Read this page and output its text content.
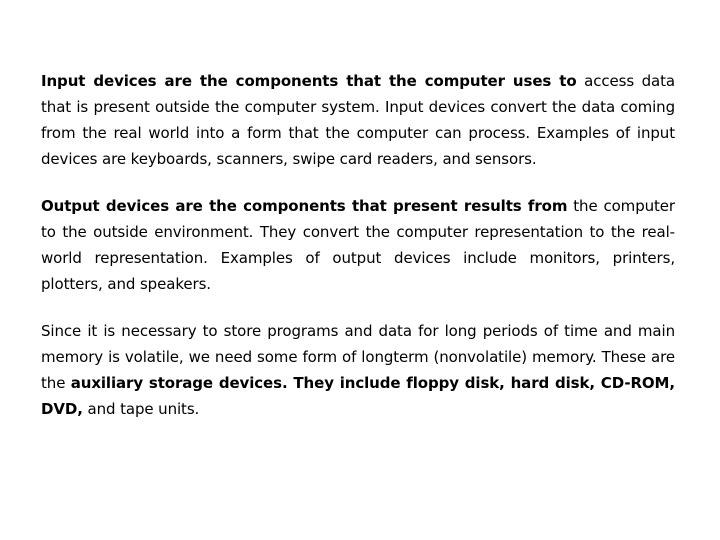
Input devices are the components that the computer uses to access data that is present outside the computer system. Input devices convert the data coming from the real world into a form that the computer can process. Examples of input devices are keyboards, scanners, swipe card readers, and sensors.

Output devices are the components that present results from the computer to the outside environment. They convert the computer representation to the real-world representation. Examples of output devices include monitors, printers, plotters, and speakers.

Since it is necessary to store programs and data for long periods of time and main memory is volatile, we need some form of longterm (nonvolatile) memory. These are the auxiliary storage devices. They include floppy disk, hard disk, CD-ROM, DVD, and tape units.
